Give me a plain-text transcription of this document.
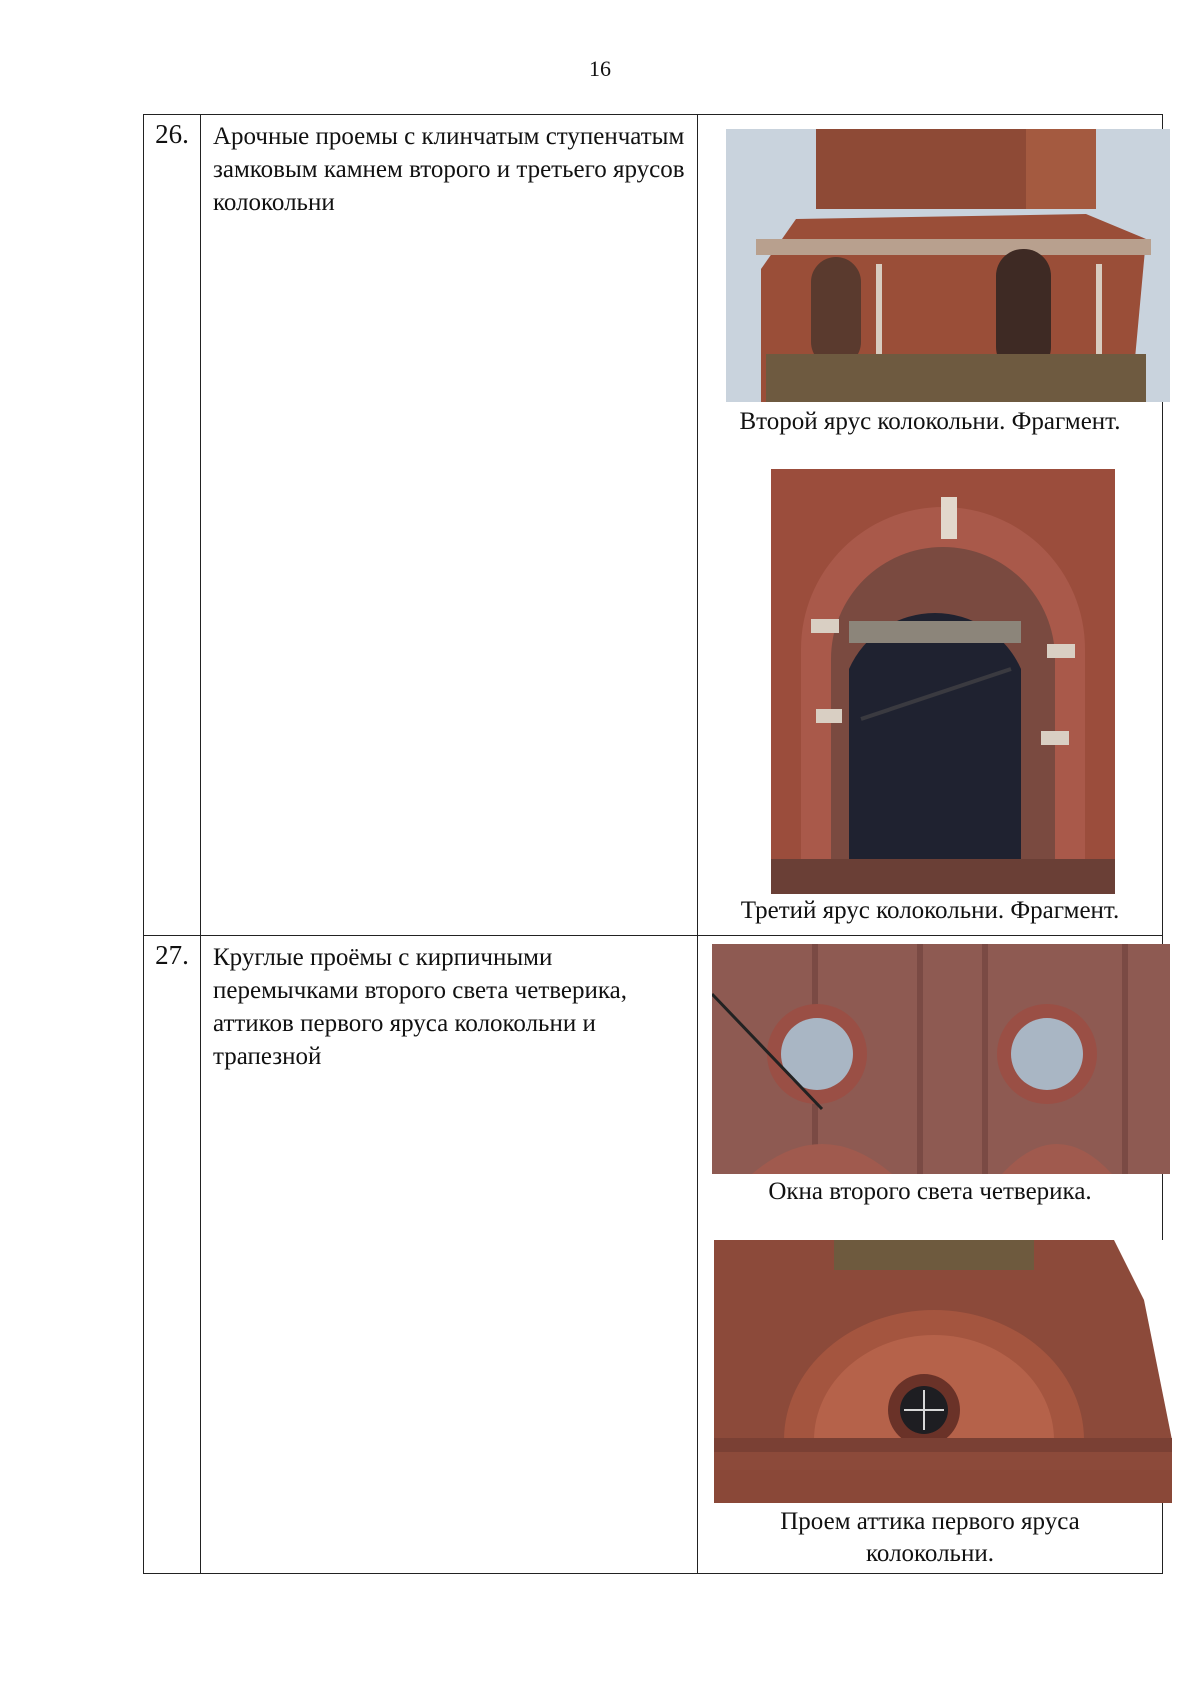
16
26.	Арочные проемы с клинчатым ступенчатым замковым камнем второго и третьего ярусов колокольни	Второй ярус колокольни. Фрагмент.
Третий ярус колокольни. Фрагмент.

27.	Круглые проёмы с кирпичными перемычками второго света четверика, аттиков первого яруса колокольни и трапезной	Окна второго света четверика.
Проем аттика первого яруса колокольни.
